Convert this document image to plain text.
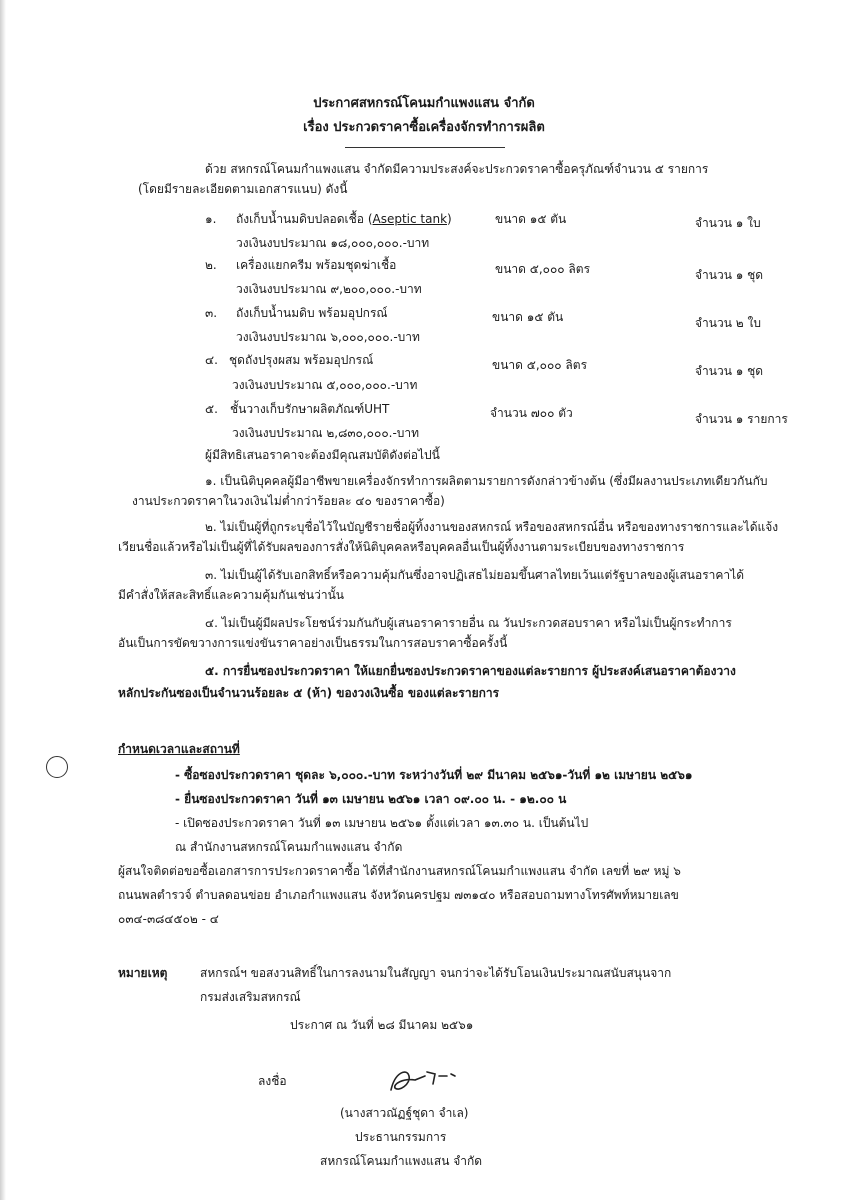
ประกาศสหกรณ์โคนมกำแพงแสน จำกัด
เรื่อง ประกวดราคาซื้อเครื่องจักรทำการผลิต
ด้วย สหกรณ์โคนมกำแพงแสน จำกัดมีความประสงค์จะประกวดราคาซื้อครุภัณฑ์จำนวน ๕ รายการ
(โดยมีรายละเอียดตามเอกสารแนบ) ดังนี้
๑. ถังเก็บน้ำนมดิบปลอดเชื้อ (Aseptic tank)	ขนาด ๑๕ ตัน	จำนวน ๑ ใบ
วงเงินงบประมาณ ๑๘,๐๐๐,๐๐๐.-บาท
๒. เครื่องแยกครีม พร้อมชุดฆ่าเชื้อ	ขนาด ๕,๐๐๐ ลิตร	จำนวน ๑ ชุด
วงเงินงบประมาณ ๙,๒๐๐,๐๐๐.-บาท
๓. ถังเก็บน้ำนมดิบ พร้อมอุปกรณ์	ขนาด ๑๕ ตัน	จำนวน ๒ ใบ
วงเงินงบประมาณ ๖,๐๐๐,๐๐๐.-บาท
๔. ชุดถังปรุงผสม พร้อมอุปกรณ์	ขนาด ๕,๐๐๐ ลิตร	จำนวน ๑ ชุด
วงเงินงบประมาณ ๕,๐๐๐,๐๐๐.-บาท
๕. ชั้นวางเก็บรักษาผลิตภัณฑ์UHT	จำนวน ๗๐๐ ตัว	จำนวน ๑ รายการ
วงเงินงบประมาณ ๒,๘๓๐,๐๐๐.-บาท
ผู้มีสิทธิเสนอราคาจะต้องมีคุณสมบัติดังต่อไปนี้
๑. เป็นนิติบุคคลผู้มีอาชีพขายเครื่องจักรทำการผลิตตามรายการดังกล่าวข้างต้น (ซึ่งมีผลงานประเภทเดียวกันกับ
งานประกวดราคาในวงเงินไม่ต่ำกว่าร้อยละ ๔๐ ของราคาซื้อ)
๒. ไม่เป็นผู้ที่ถูกระบุชื่อไว้ในบัญชีรายชื่อผู้ทิ้งงานของสหกรณ์ หรือของสหกรณ์อื่น หรือของทางราชการและได้แจ้ง
เวียนชื่อแล้วหรือไม่เป็นผู้ที่ได้รับผลของการสั่งให้นิติบุคคลหรือบุคคลอื่นเป็นผู้ทิ้งงานตามระเบียบของทางราชการ
๓. ไม่เป็นผู้ได้รับเอกสิทธิ์หรือความคุ้มกันซึ่งอาจปฏิเสธไม่ยอมขึ้นศาลไทยเว้นแต่รัฐบาลของผู้เสนอราคาได้
มีคำสั่งให้สละสิทธิ์และความคุ้มกันเช่นว่านั้น
๔. ไม่เป็นผู้มีผลประโยชน์ร่วมกันกับผู้เสนอราคารายอื่น ณ วันประกวดสอบราคา หรือไม่เป็นผู้กระทำการ
อันเป็นการขัดขวางการแข่งขันราคาอย่างเป็นธรรมในการสอบราคาซื้อครั้งนี้
๕. การยื่นซองประกวดราคา ให้แยกยื่นซองประกวดราคาของแต่ละรายการ ผู้ประสงค์เสนอราคาต้องวาง
หลักประกันซองเป็นจำนวนร้อยละ ๕ (ห้า) ของวงเงินซื้อ ของแต่ละรายการ
กำหนดเวลาและสถานที่
- ซื้อซองประกวดราคา ชุดละ ๖,๐๐๐.-บาท ระหว่างวันที่ ๒๙ มีนาคม ๒๕๖๑-วันที่ ๑๒ เมษายน ๒๕๖๑
- ยื่นซองประกวดราคา วันที่ ๑๓ เมษายน ๒๕๖๑ เวลา ๐๙.๐๐ น. - ๑๒.๐๐ น
- เปิดซองประกวดราคา วันที่ ๑๓ เมษายน ๒๕๖๑ ตั้งแต่เวลา ๑๓.๓๐ น. เป็นต้นไป
ณ สำนักงานสหกรณ์โคนมกำแพงแสน จำกัด
ผู้สนใจติดต่อขอซื้อเอกสารการประกวดราคาซื้อ ได้ที่สำนักงานสหกรณ์โคนมกำแพงแสน จำกัด เลขที่ ๒๙ หมู่ ๖
ถนนพลตำรวจ์ ตำบลดอนข่อย อำเภอกำแพงแสน จังหวัดนครปฐม ๗๓๑๔๐ หรือสอบถามทางโทรศัพท์หมายเลข
๐๓๔-๓๘๔๕๐๒ - ๔
หมายเหตุ	สหกรณ์ฯ ขอสงวนสิทธิ์ในการลงนามในสัญญา จนกว่าจะได้รับโอนเงินประมาณสนับสนุนจาก
กรมส่งเสริมสหกรณ์
ประกาศ ณ วันที่ ๒๘ มีนาคม ๒๕๖๑
ลงชื่อ
(นางสาวณัฏฐ์ชุดา จำเล)
ประธานกรรมการ
สหกรณ์โคนมกำแพงแสน จำกัด
